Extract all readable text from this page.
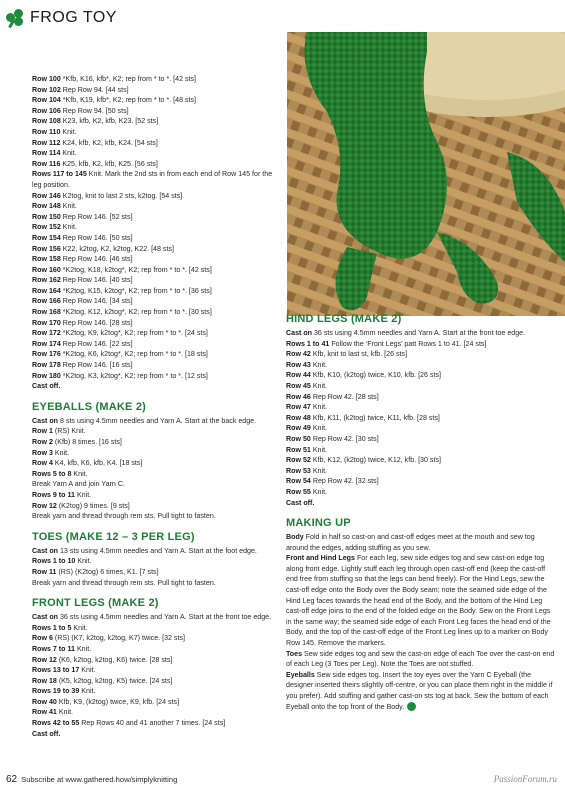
FROG TOY

Row 100 *Kfb, K16, kfb*, K2; rep from * to *. [42 sts]

Row 102 Rep Row 94. [44 sts]

Row 104 *Kfb, K19, kfb*, K2; rep from * to *. [48 sts]

Row 106 Rep Row 94. [50 sts]

Row 108 K23, kfb, K2, kfb, K23. [52 sts]

Row 110 Knit.

Row 112 K24, kfb, K2, kfb, K24. [54 sts]

Row 114 Knit.

Row 116 K25, kfb, K2, kfb, K25. [56 sts]

Rows 117 to 145 Knit. Mark the 2nd sts in from each end of Row 145 for the leg position.

Row 146 K2tog, knit to last 2 sts, k2tog. [54 sts]

Row 148 Knit.

Row 150 Rep Row 146. [52 sts]

Row 152 Knit.

Row 154 Rep Row 146. [50 sts]

Row 156 K22, k2tog, K2, k2tog, K22. [48 sts]

Row 158 Rep Row 146. [46 sts]

Row 160 *K2tog, K18, k2tog*, K2; rep from * to *. [42 sts]

Row 162 Rep Row 146. [40 sts]

Row 164 *K2tog, K15, k2tog*, K2; rep from * to *. [36 sts]

Row 166 Rep Row 146. [34 sts]

Row 168 *K2tog, K12, k2tog*, K2; rep from * to *. [30 sts]

Row 170 Rep Row 146. [28 sts]

Row 172 *K2tog, K9, k2tog*, K2; rep from * to *. [24 sts]

Row 174 Rep Row 146. [22 sts]

Row 176 *K2tog, K6, k2tog*, K2; rep from * to *. [18 sts]

Row 178 Rep Row 146. [16 sts]

Row 180 *K2tog, K3, k2tog*, K2; rep from * to *. [12 sts]

Cast off.

EYEBALLS (MAKE 2)

Cast on 8 sts using 4.5mm needles and Yarn A. Start at the back edge.

Row 1 (RS) Knit.

Row 2 (Kfb) 8 times. [16 sts]

Row 3 Knit.

Row 4 K4, kfb, K6, kfb, K4. [18 sts]

Rows 5 to 8 Knit.

Break Yarn A and join Yarn C.

Rows 9 to 11 Knit.

Row 12 (K2tog) 9 times. [9 sts]

Break yarn and thread through rem sts. Pull tight to fasten.

TOES (MAKE 12 – 3 PER LEG)

Cast on 13 sts using 4.5mm needles and Yarn A. Start at the foot edge.

Rows 1 to 10 Knit.

Row 11 (RS) (K2tog) 6 times, K1. [7 sts]

Break yarn and thread through rem sts. Pull tight to fasten.

FRONT LEGS (MAKE 2)

Cast on 36 sts using 4.5mm needles and Yarn A. Start at the front toe edge.

Rows 1 to 5 Knit.

Row 6 (RS) (K7, k2tog, k2tog, K7) twice. [32 sts]

Rows 7 to 11 Knit.

Row 12 (K6, k2tog, k2tog, K6) twice. [28 sts]

Rows 13 to 17 Knit.

Row 18 (K5, k2tog, k2tog, K5) twice. [24 sts]

Rows 19 to 39 Knit.

Row 40 Kfb, K9, (k2tog) twice, K9, kfb. [24 sts]

Row 41 Knit.

Rows 42 to 55 Rep Rows 40 and 41 another 7 times. [24 sts]

Cast off.

HIND LEGS (MAKE 2)

Cast on 36 sts using 4.5mm needles and Yarn A. Start at the front toe edge.

Rows 1 to 41 Follow the ‘Front Legs’ patt Rows 1 to 41. [24 sts]

Row 42 Kfb, knit to last st, kfb. [26 sts]

Row 43 Knit.

Row 44 Kfb, K10, (k2tog) twice, K10, kfb. [26 sts]

Row 45 Knit.

Row 46 Rep Row 42. [28 sts]

Row 47 Knit.

Row 48 Kfb, K11, (k2tog) twice, K11, kfb. [28 sts]

Row 49 Knit.

Row 50 Rep Row 42. [30 sts]

Row 51 Knit.

Row 52 Kfb, K12, (k2tog) twice, K12, kfb. [30 sts]

Row 53 Knit.

Row 54 Rep Row 42. [32 sts]

Row 55 Knit.

Cast off.

MAKING UP

Body Fold in half so cast-on and cast-off edges meet at the mouth and sew tog around the edges, adding stuffing as you sew.

Front and Hind Legs For each leg, sew side edges tog and sew cast-on edge tog along front edge. Lightly stuff each leg through open cast-off end (keep the cast-off end free from stuffing so that the legs can bend freely). For the Hind Legs, sew the cast-off edge onto the Body over the Body seam; note the seamed side edge of the Hind Leg faces towards the head end of the Body, and the bottom of the Hind Leg cast-off edge joins to the end of the folded edge on the Body. Sew on the Front Legs in the same way; the seamed side edge of each Front Leg faces the head end of the Body, and the top of the cast-off edge of the Front Leg lines up to a marker on Body Row 145. Remove the markers.

Toes Sew side edges tog and sew the cast-on edge of each Toe over the cast-on end of each Leg (3 Toes per Leg). Note the Toes are not stuffed.

Eyeballs Sew side edges tog. Insert the toy eyes over the Yarn C Eyeball (the designer inserted theirs slightly off-centre, or you can place them right in the middle if you prefer). Add stuffing and gather cast-on sts tog at back. Sew the bottom of each Eyeball onto the top front of the Body.

62 Subscribe at www.gathered.how/simplyknitting	PassionForum.ru
